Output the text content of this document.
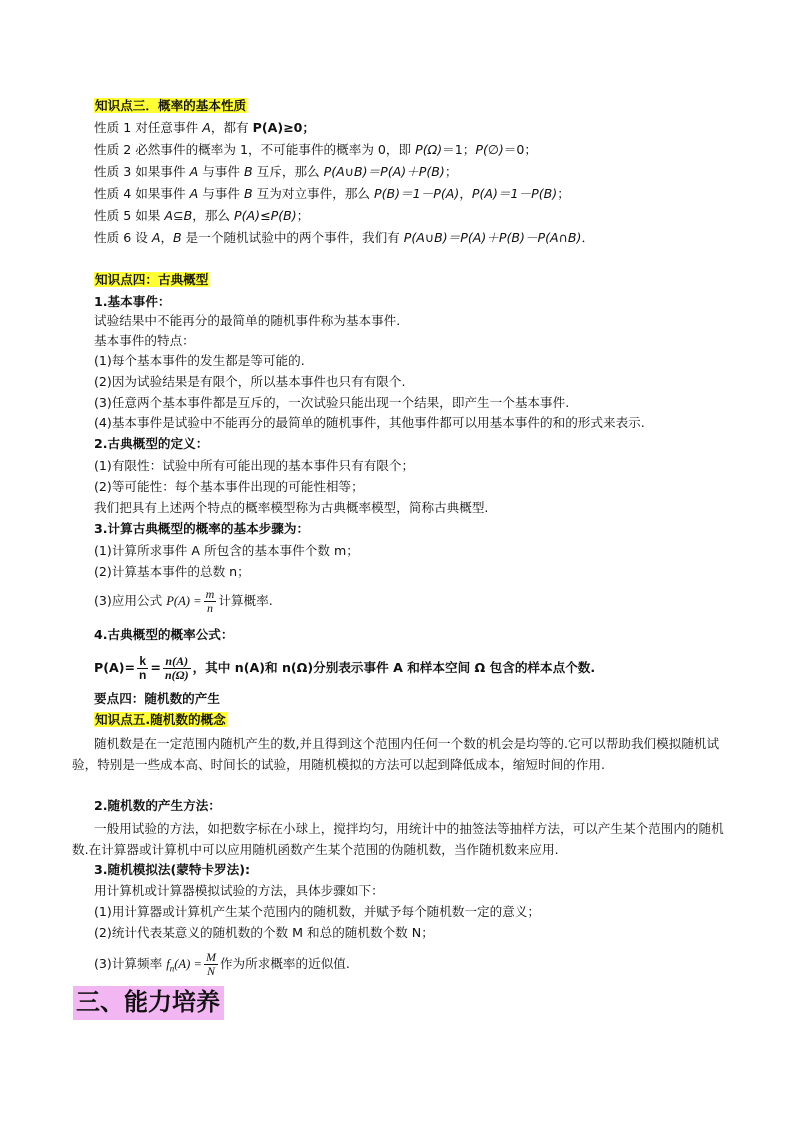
知识点三．概率的基本性质
性质 1 对任意事件 A，都有 P(A)≥0；
性质 2 必然事件的概率为 1，不可能事件的概率为 0，即 P(Ω)＝1；P(∅)＝0；
性质 3 如果事件 A 与事件 B 互斥，那么 P(A∪B)＝P(A)＋P(B)；
性质 4 如果事件 A 与事件 B 互为对立事件，那么 P(B)＝1－P(A)，P(A)＝1－P(B)；
性质 5 如果 A⊆B，那么 P(A)≤P(B)；
性质 6 设 A，B 是一个随机试验中的两个事件，我们有 P(A∪B)＝P(A)＋P(B)－P(A∩B)．
知识点四：古典概型
1.基本事件：
试验结果中不能再分的最简单的随机事件称为基本事件.
基本事件的特点：
(1)每个基本事件的发生都是等可能的.
(2)因为试验结果是有限个，所以基本事件也只有有限个.
(3)任意两个基本事件都是互斥的，一次试验只能出现一个结果，即产生一个基本事件.
(4)基本事件是试验中不能再分的最简单的随机事件，其他事件都可以用基本事件的和的形式来表示.
2.古典概型的定义：
(1)有限性：试验中所有可能出现的基本事件只有有限个；
(2)等可能性：每个基本事件出现的可能性相等；
我们把具有上述两个特点的概率模型称为古典概率模型，简称古典概型.
3.计算古典概型的概率的基本步骤为：
(1)计算所求事件 A 所包含的基本事件个数 m；
(2)计算基本事件的总数 n；
(3)应用公式 $P(A) = \frac{m}{n}$ 计算概率.
4.古典概型的概率公式：
$P(A)= \frac{k}{n} = \frac{n(A)}{n(\Omega)}$ ，其中 n(A)和 n(Ω)分别表示事件 A 和样本空间 Ω 包含的样本点个数.
要点四：随机数的产生
知识点五.随机数的概念
随机数是在一定范围内随机产生的数,并且得到这个范围内任何一个数的机会是均等的.它可以帮助我们模拟随机试验，特别是一些成本高、时间长的试验，用随机模拟的方法可以起到降低成本，缩短时间的作用.
2.随机数的产生方法：
一般用试验的方法，如把数字标在小球上，搅拌均匀，用统计中的抽签法等抽样方法，可以产生某个范围内的随机数.在计算器或计算机中可以应用随机函数产生某个范围的伪随机数，当作随机数来应用.
3.随机模拟法(蒙特卡罗法):
用计算机或计算器模拟试验的方法，具体步骤如下：
(1)用计算器或计算机产生某个范围内的随机数，并赋予每个随机数一定的意义；
(2)统计代表某意义的随机数的个数 M 和总的随机数个数 N；
(3)计算频率 $f_n(A) = \frac{M}{N}$ 作为所求概率的近似值.
三、能力培养
